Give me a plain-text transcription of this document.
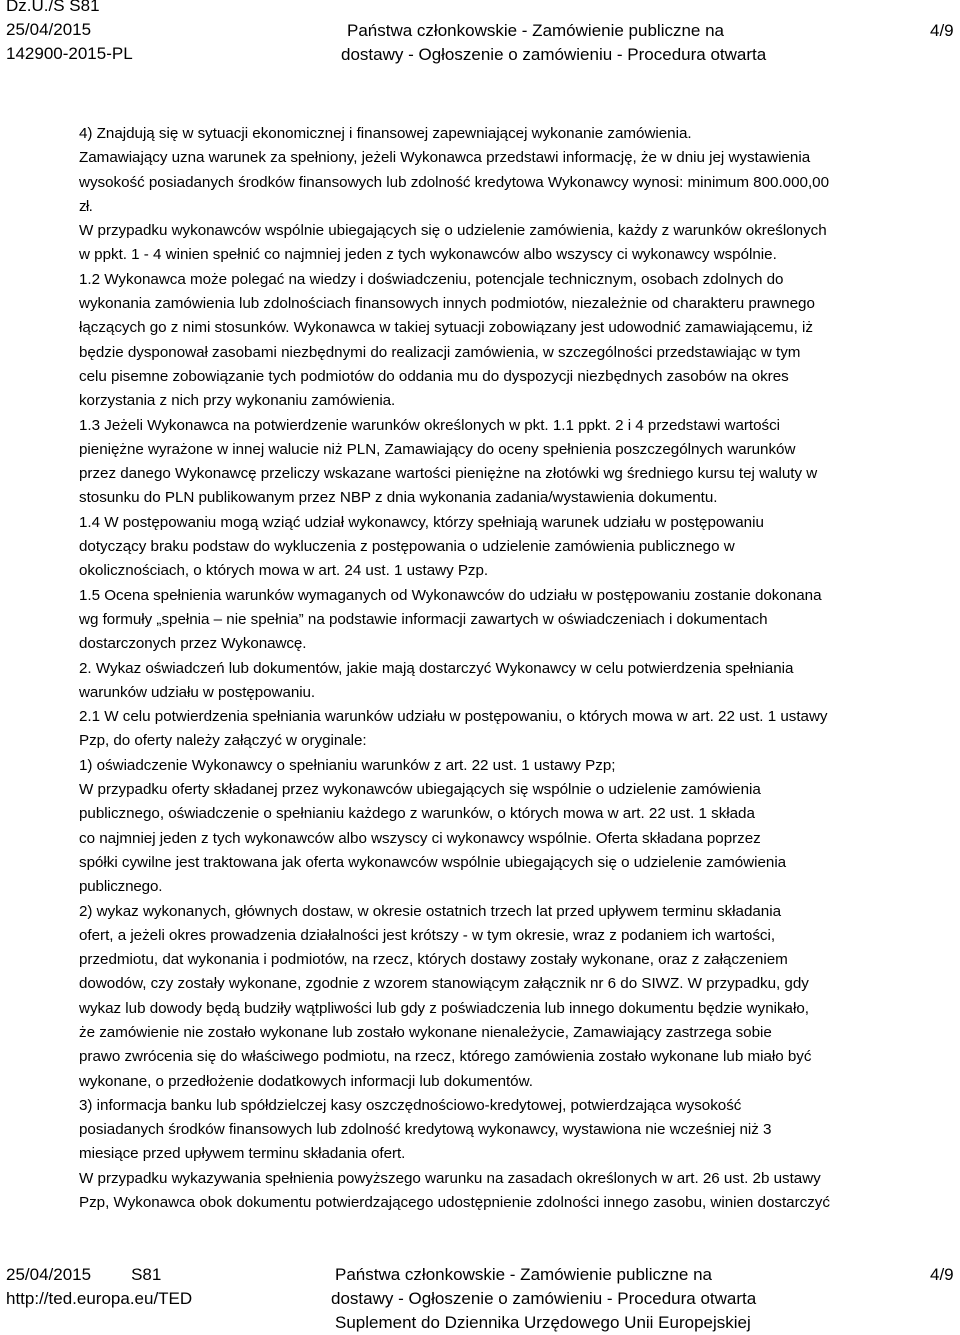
Dz.U./S S81
25/04/2015
142900-2015-PL
Państwa członkowskie - Zamówienie publiczne na
dostawy - Ogłoszenie o zamówieniu - Procedura otwarta
4/9
4) Znajdują się w sytuacji ekonomicznej i finansowej zapewniającej wykonanie zamówienia.
Zamawiający uzna warunek za spełniony, jeżeli Wykonawca przedstawi informację, że w dniu jej wystawienia
wysokość posiadanych środków finansowych lub zdolność kredytowa Wykonawcy wynosi: minimum 800.000,00
zł.
W przypadku wykonawców wspólnie ubiegających się o udzielenie zamówienia, każdy z warunków określonych
w ppkt. 1 - 4 winien spełnić co najmniej jeden z tych wykonawców albo wszyscy ci wykonawcy wspólnie.
1.2 Wykonawca może polegać na wiedzy i doświadczeniu, potencjale technicznym, osobach zdolnych do
wykonania zamówienia lub zdolnościach finansowych innych podmiotów, niezależnie od charakteru prawnego
łączących go z nimi stosunków. Wykonawca w takiej sytuacji zobowiązany jest udowodnić zamawiającemu, iż
będzie dysponował zasobami niezbędnymi do realizacji zamówienia, w szczególności przedstawiając w tym
celu pisemne zobowiązanie tych podmiotów do oddania mu do dyspozycji niezbędnych zasobów na okres
korzystania z nich przy wykonaniu zamówienia.
1.3 Jeżeli Wykonawca na potwierdzenie warunków określonych w pkt. 1.1 ppkt. 2 i 4 przedstawi wartości
pieniężne wyrażone w innej walucie niż PLN, Zamawiający do oceny spełnienia poszczególnych warunków
przez danego Wykonawcę przeliczy wskazane wartości pieniężne na złotówki wg średniego kursu tej waluty w
stosunku do PLN publikowanym przez NBP z dnia wykonania zadania/wystawienia dokumentu.
1.4 W postępowaniu mogą wziąć udział wykonawcy, którzy spełniają warunek udziału w postępowaniu
dotyczący braku podstaw do wykluczenia z postępowania o udzielenie zamówienia publicznego w
okolicznościach, o których mowa w art. 24 ust. 1 ustawy Pzp.
1.5 Ocena spełnienia warunków wymaganych od Wykonawców do udziału w postępowaniu zostanie dokonana
wg formuły „spełnia – nie spełnia” na podstawie informacji zawartych w oświadczeniach i dokumentach
dostarczonych przez Wykonawcę.
2. Wykaz oświadczeń lub dokumentów, jakie mają dostarczyć Wykonawcy w celu potwierdzenia spełniania
warunków udziału w postępowaniu.
2.1 W celu potwierdzenia spełniania warunków udziału w postępowaniu, o których mowa w art. 22 ust. 1 ustawy
Pzp, do oferty należy załączyć w oryginale:
1) oświadczenie Wykonawcy o spełnianiu warunków z art. 22 ust. 1 ustawy Pzp;
W przypadku oferty składanej przez wykonawców ubiegających się wspólnie o udzielenie zamówienia
publicznego, oświadczenie o spełnianiu każdego z warunków, o których mowa w art. 22 ust. 1 składa
co najmniej jeden z tych wykonawców albo wszyscy ci wykonawcy wspólnie. Oferta składana poprzez
spółki cywilne jest traktowana jak oferta wykonawców wspólnie ubiegających się o udzielenie zamówienia
publicznego.
2) wykaz wykonanych, głównych dostaw, w okresie ostatnich trzech lat przed upływem terminu składania
ofert, a jeżeli okres prowadzenia działalności jest krótszy - w tym okresie, wraz z podaniem ich wartości,
przedmiotu, dat wykonania i podmiotów, na rzecz, których dostawy zostały wykonane, oraz z załączeniem
dowodów, czy zostały wykonane, zgodnie z wzorem stanowiącym załącznik nr 6 do SIWZ. W przypadku, gdy
wykaz lub dowody będą budziły wątpliwości lub gdy z poświadczenia lub innego dokumentu będzie wynikało,
że zamówienie nie zostało wykonane lub zostało wykonane nienależycie, Zamawiający zastrzega sobie
prawo zwrócenia się do właściwego podmiotu, na rzecz, którego zamówienia zostało wykonane lub miało być
wykonane, o przedłożenie dodatkowych informacji lub dokumentów.
3) informacja banku lub spółdzielczej kasy oszczędnościowo-kredytowej, potwierdzająca wysokość
posiadanych środków finansowych lub zdolność kredytową wykonawcy, wystawiona nie wcześniej niż 3
miesiące przed upływem terminu składania ofert.
W przypadku wykazywania spełnienia powyższego warunku na zasadach określonych w art. 26 ust. 2b ustawy
Pzp, Wykonawca obok dokumentu potwierdzającego udostępnienie zdolności innego zasobu, winien dostarczyć
25/04/2015 S81
http://ted.europa.eu/TED
Państwa członkowskie - Zamówienie publiczne na
dostawy - Ogłoszenie o zamówieniu - Procedura otwarta
Suplement do Dziennika Urzędowego Unii Europejskiej
4/9
